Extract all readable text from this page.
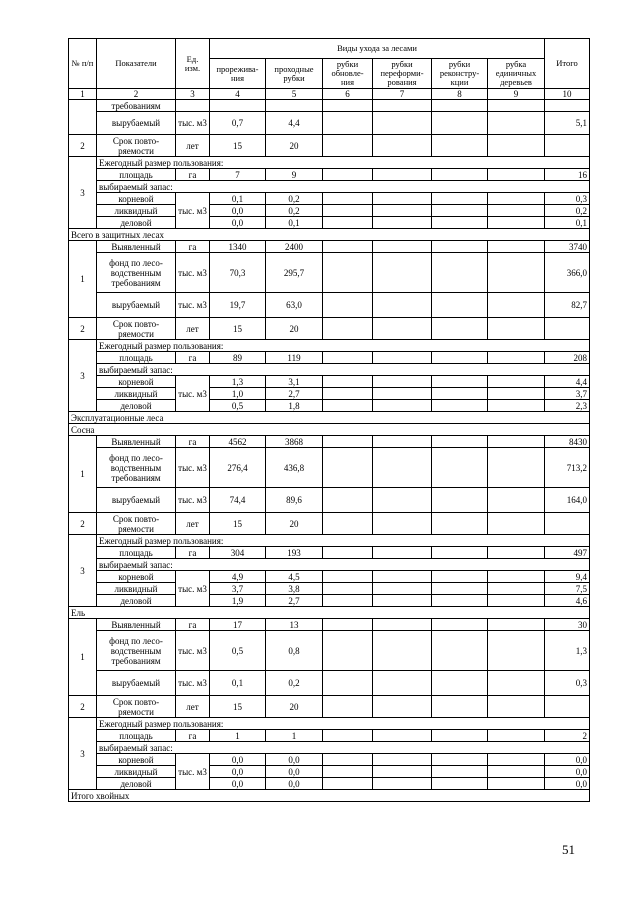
№ п/п	Показатели	Ед. изм.	Виды ухода за лесами						Итого
			прорежива-ния	проходные рубки	рубки обновле-ния	рубки переформи-рования	рубки реконстру-кции	рубка единичных деревьев	
1	2	3	4	5	6	7	8	9	10
	требованиям								
	вырубаемый	тыс. м3	0,7	4,4					5,1
2	Срок повто-ряемости	лет	15	20					
3	Ежегодный размер пользования:								
	площадь	га	7	9					16
	выбираемый запас:								
	корневой	тыс. м3	0,1	0,2					0,3
	ликвидный		0,0	0,2					0,2
	деловой		0,0	0,1					0,1
Всего в защитных лесах									
1	Выявленный	га	1340	2400					3740
	фонд по лесо-водственным требованиям	тыс. м3	70,3	295,7					366,0
	вырубаемый	тыс. м3	19,7	63,0					82,7
2	Срок повто-ряемости	лет	15	20					
3	Ежегодный размер пользования:								
	площадь	га	89	119					208
	выбираемый запас:								
	корневой	тыс. м3	1,3	3,1					4,4
	ликвидный		1,0	2,7					3,7
	деловой		0,5	1,8					2,3
Эксплуатационные леса									
Сосна									
1	Выявленный	га	4562	3868					8430
	фонд по лесо-водственным требованиям	тыс. м3	276,4	436,8					713,2
	вырубаемый	тыс. м3	74,4	89,6					164,0
2	Срок повто-ряемости	лет	15	20					
3	Ежегодный размер пользования:								
	площадь	га	304	193					497
	выбираемый запас:								
	корневой	тыс. м3	4,9	4,5					9,4
	ликвидный		3,7	3,8					7,5
	деловой		1,9	2,7					4,6
Ель									
1	Выявленный	га	17	13					30
	фонд по лесо-водственным требованиям	тыс. м3	0,5	0,8					1,3
	вырубаемый	тыс. м3	0,1	0,2					0,3
2	Срок повто-ряемости	лет	15	20					
3	Ежегодный размер пользования:								
	площадь	га	1	1					2
	выбираемый запас:								
	корневой	тыс. м3	0,0	0,0					0,0
	ликвидный		0,0	0,0					0,0
	деловой		0,0	0,0					0,0
Итого хвойных									
51
